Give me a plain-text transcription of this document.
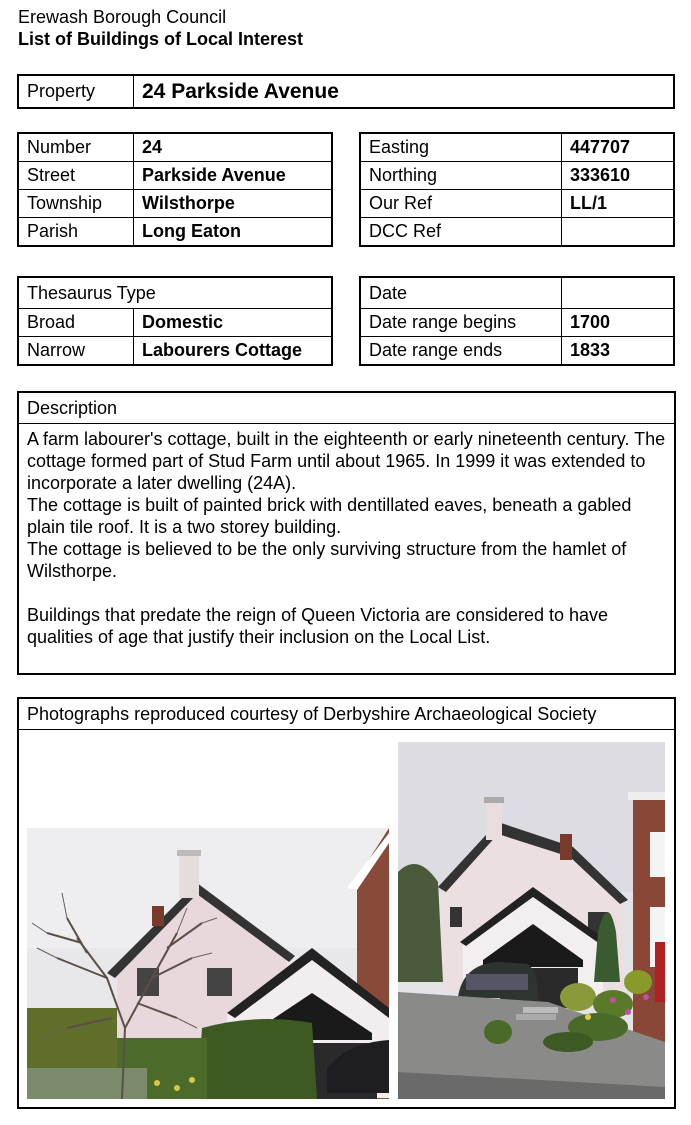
Erewash Borough Council
List of Buildings of Local Interest
Property	24 Parkside Avenue
Number	24
Street	Parkside Avenue
Township	Wilsthorpe
Parish	Long Eaton
Easting	447707
Northing	333610
Our Ref	LL/1
DCC Ref	
Thesaurus Type	
Broad	Domestic
Narrow	Labourers Cottage
Date	
Date range begins	1700
Date range ends	1833
Description

A farm labourer's cottage, built in the eighteenth or early nineteenth century. The cottage formed part of Stud Farm until about 1965. In 1999 it was extended to incorporate a later dwelling (24A).

The cottage is built of painted brick with dentillated eaves, beneath a gabled plain tile roof. It is a two storey building.

The cottage is believed to be the only surviving structure from the hamlet of Wilsthorpe.

Buildings that predate the reign of Queen Victoria are considered to have qualities of age that justify their inclusion on the Local List.

Photographs reproduced courtesy of Derbyshire Archaeological Society
